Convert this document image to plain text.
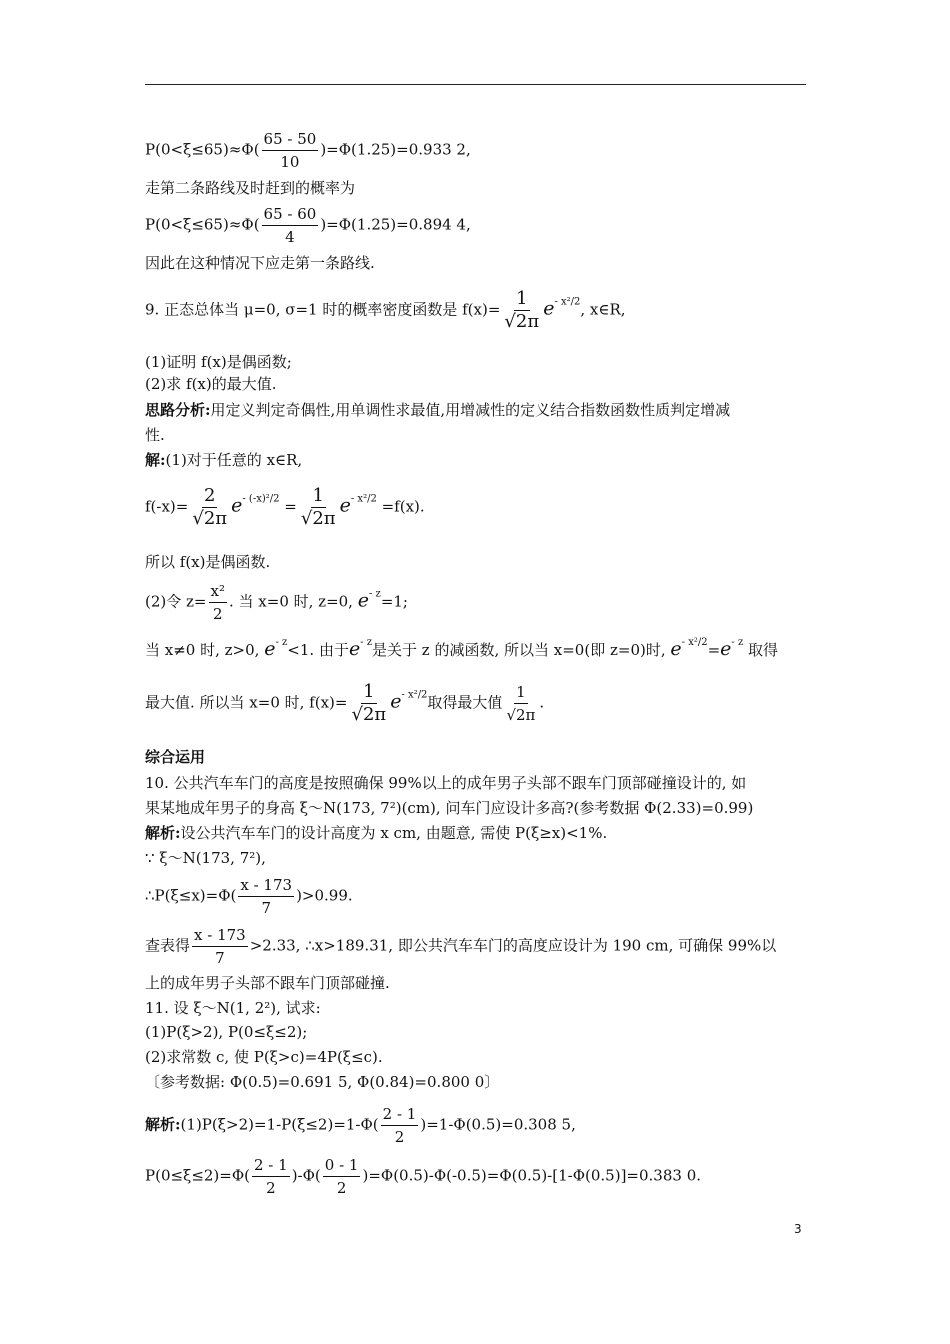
$P(0<\xi\le 65)\approx\Phi( \frac{65 - 50}{10} )=\Phi(1.25)=0.933$ 2,
走第二条路线及时赶到的概率为
$P(0<\xi\le 65)\approx\Phi( \frac{65 - 60}{4} )=\Phi(1.25)=0.894$ 4,
因此在这种情况下应走第一条路线.
9. 正态总体当 μ=0, σ=1 时的概率密度函数是 $f(x)= \frac{1}{√2\pi} e^{- x^2/2}$, x∈R,
(1)证明 f(x)是偶函数;
(2)求 f(x)的最大值.
思路分析:用定义判定奇偶性,用单调性求最值,用增减性的定义结合指数函数性质判定增减
性.
解:(1)对于任意的 x∈R,
$f(-x)= \frac{2}{√2\pi} e^{- (-x)^2/2} = \frac{1}{√2\pi} e^{- x^2/2} =f(x)$.
所以 f(x)是偶函数.
(2)令 $z= \frac{\text{x²}}{2}$ . 当 x=0 时, z=0, $e^{- z}=1$;
当 x≠0 时, z>0, $e^{- z}<1$. 由于$e^{- z}$是关于 z 的减函数, 所以当 x=0(即 z=0)时, $e^{- x^2/2}=e^{- z}$ 取得
最大值. 所以当 x=0 时, $f(x)= \frac{1}{√2\pi} e^{- x^2/2}$取得最大值 $\frac{1}{√2\pi}$ .
综合运用
10. 公共汽车车门的高度是按照确保 99%以上的成年男子头部不跟车门顶部碰撞设计的, 如
果某地成年男子的身高 ξ～N(173, 7²)(cm), 问车门应设计多高?(参考数据 Φ(2.33)=0.99)
解析:设公共汽车车门的设计高度为 x cm, 由题意, 需使 P(ξ≥x)<1%.
∵ ξ～N(173, 7²),
∴P(ξ≤x)=Φ( $\frac{x - 173}{7} )>0.99$.
查表得 $\frac{x - 173}{7} >2.33$, ∴x>189.31, 即公共汽车车门的高度应设计为 190 cm, 可确保 99%以
上的成年男子头部不跟车门顶部碰撞.
11. 设 ξ～N(1, 2²), 试求:
(1)P(ξ>2), P(0≤ξ≤2);
(2)求常数 c, 使 P(ξ>c)=4P(ξ≤c).
〔参考数据: Φ(0.5)=0.691 5, Φ(0.84)=0.800 0〕
解析:(1)P(ξ>2)=1-P(ξ≤2)=1-Φ( $\frac{2 - 1}{2} )=1-\Phi(0.5)=0.308$ 5,
$P(0\le\xi\le 2)=\Phi( \frac{2 - 1}{2} )-\Phi( \frac{0 - 1}{2} )=\Phi(0.5)-\Phi(-0.5)=\Phi(0.5)-[1-\Phi(0.5)]=0.383$ 0.
3
